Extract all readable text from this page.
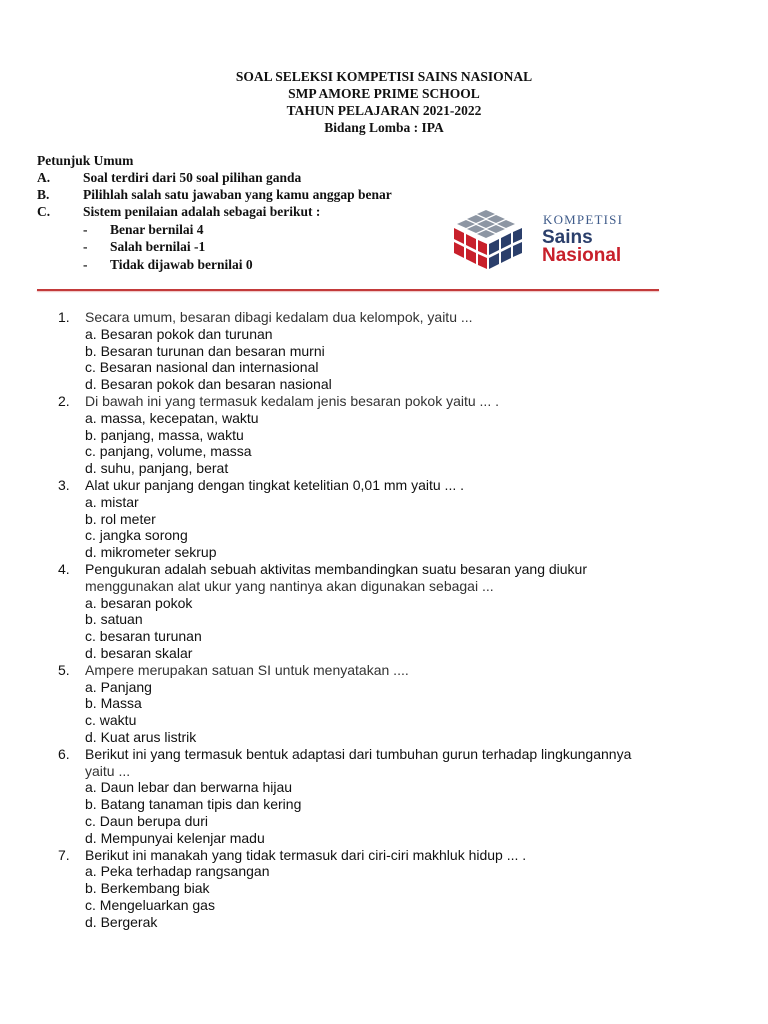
SOAL SELEKSI KOMPETISI SAINS NASIONAL
SMP AMORE PRIME SCHOOL
TAHUN PELAJARAN 2021-2022
Bidang Lomba : IPA
Petunjuk Umum
A.	Soal terdiri dari 50 soal pilihan ganda
B.	Pilihlah salah satu jawaban yang kamu anggap benar
C.	Sistem penilaian adalah sebagai berikut :
-	Benar bernilai 4
-	Salah bernilai -1
-	Tidak dijawab bernilai 0
KOMPETISI
Sains
Nasional
1.	Secara umum, besaran dibagi kedalam dua kelompok, yaitu ...
a. Besaran pokok dan turunan
b. Besaran turunan dan besaran murni
c. Besaran nasional dan internasional
d. Besaran pokok dan besaran nasional
2.	Di bawah ini yang termasuk kedalam jenis besaran pokok yaitu ... .
a. massa, kecepatan, waktu
b. panjang, massa, waktu
c. panjang, volume, massa
d. suhu, panjang, berat
3.	Alat ukur panjang dengan tingkat ketelitian 0,01 mm yaitu ... .
a. mistar
b. rol meter
c. jangka sorong
d. mikrometer sekrup
4.	Pengukuran adalah sebuah aktivitas membandingkan suatu besaran yang diukur
menggunakan alat ukur yang nantinya akan digunakan sebagai ...
a. besaran pokok
b. satuan
c. besaran turunan
d. besaran skalar
5.	Ampere merupakan satuan SI untuk menyatakan ....
a. Panjang
b. Massa
c. waktu
d. Kuat arus listrik
6.	Berikut ini yang termasuk bentuk adaptasi dari tumbuhan gurun terhadap lingkungannya
yaitu ...
a. Daun lebar dan berwarna hijau
b. Batang tanaman tipis dan kering
c. Daun berupa duri
d. Mempunyai kelenjar madu
7.	Berikut ini manakah yang tidak termasuk dari ciri-ciri makhluk hidup ... .
a. Peka terhadap rangsangan
b. Berkembang biak
c. Mengeluarkan gas
d. Bergerak
